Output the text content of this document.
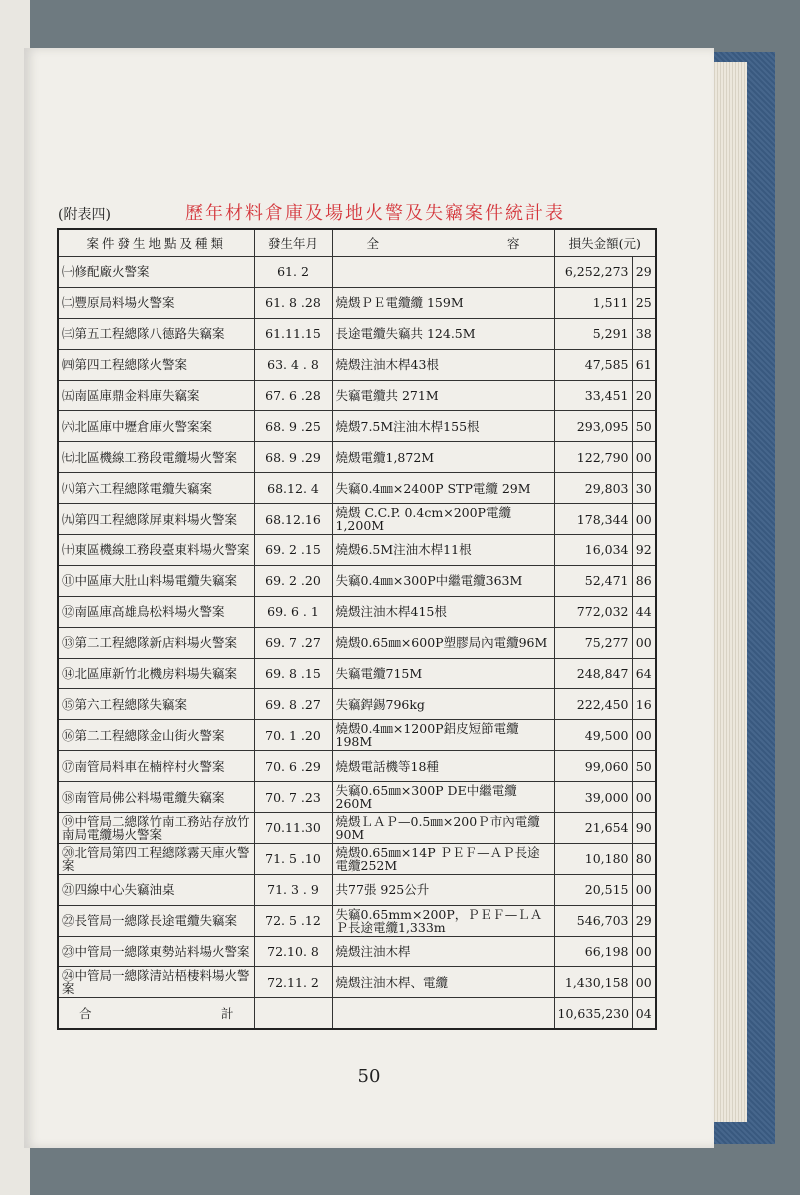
50
(附表四)	歷年材料倉庫及場地火警及失竊案件統計表
案件發生地點及種類	發生年月	全 容	損失金額(元)	
㈠修配廠火警案	61. 2		6,252,273	29
㈡豐原局料場火警案	61. 8 .28	燒燬ＰＥ電纜纜 159M	1,511	25
㈢第五工程總隊八德路失竊案	61.11.15	長途電纜失竊共 124.5M	5,291	38
㈣第四工程總隊火警案	63. 4 . 8	燒燬注油木桿43根	47,585	61
㈤南區庫鼎金料庫失竊案	67. 6 .28	失竊電纜共 271M	33,451	20
㈥北區庫中壢倉庫火警案案	68. 9 .25	燒燬7.5M注油木桿155根	293,095	50
㈦北區機線工務段電纜場火警案	68. 9 .29	燒燬電纜1,872M	122,790	00
㈧第六工程總隊電纜失竊案	68.12. 4	失竊0.4㎜×2400P STP電纜 29M	29,803	30
㈨第四工程總隊屏東料場火警案	68.12.16	燒燬 C.C.P. 0.4cm×200P電纜1,200M	178,344	00
㈩東區機線工務段臺東料場火警案	69. 2 .15	燒燬6.5M注油木桿11根	16,034	92
⑪中區庫大肚山料場電纜失竊案	69. 2 .20	失竊0.4㎜×300P中繼電纜363M	52,471	86
⑫南區庫高雄鳥松料場火警案	69. 6 . 1	燒燬注油木桿415根	772,032	44
⑬第二工程總隊新店料場火警案	69. 7 .27	燒燬0.65㎜×600P塑膠局內電纜96M	75,277	00
⑭北區庫新竹北機房料場失竊案	69. 8 .15	失竊電纜715M	248,847	64
⑮第六工程總隊失竊案	69. 8 .27	失竊銲錫796kg	222,450	16
⑯第二工程總隊金山街火警案	70. 1 .20	燒燬0.4㎜×1200P鋁皮短節電纜198M	49,500	00
⑰南管局料車在楠梓村火警案	70. 6 .29	燒燬電話機等18種	99,060	50
⑱南管局佛公料場電纜失竊案	70. 7 .23	失竊0.65㎜×300P DE中繼電纜260M	39,000	00
⑲中管局二總隊竹南工務站存放竹南局電纜場火警案	70.11.30	燒燬ＬＡＰ—0.5㎜×200Ｐ市內電纜90M	21,654	90
⑳北管局第四工程總隊霧天庫火警案	71. 5 .10	燒燬0.65㎜×14P ＰＥＦ—ＡＰ長途電纜252M	10,180	80
㉑四線中心失竊油桌	71. 3 . 9	共77張 925公升	20,515	00
㉒長管局一總隊長途電纜失竊案	72. 5 .12	失竊0.65mm×200P，ＰＥＦ—ＬＡＰ長途電纜1,333m	546,703	29
㉓中管局一總隊東勢站料場火警案	72.10. 8	燒燬注油木桿	66,198	00
㉔中管局一總隊清站梧棲料場火警案	72.11. 2	燒燬注油木桿、電纜	1,430,158	00
合 計			10,635,230	04
